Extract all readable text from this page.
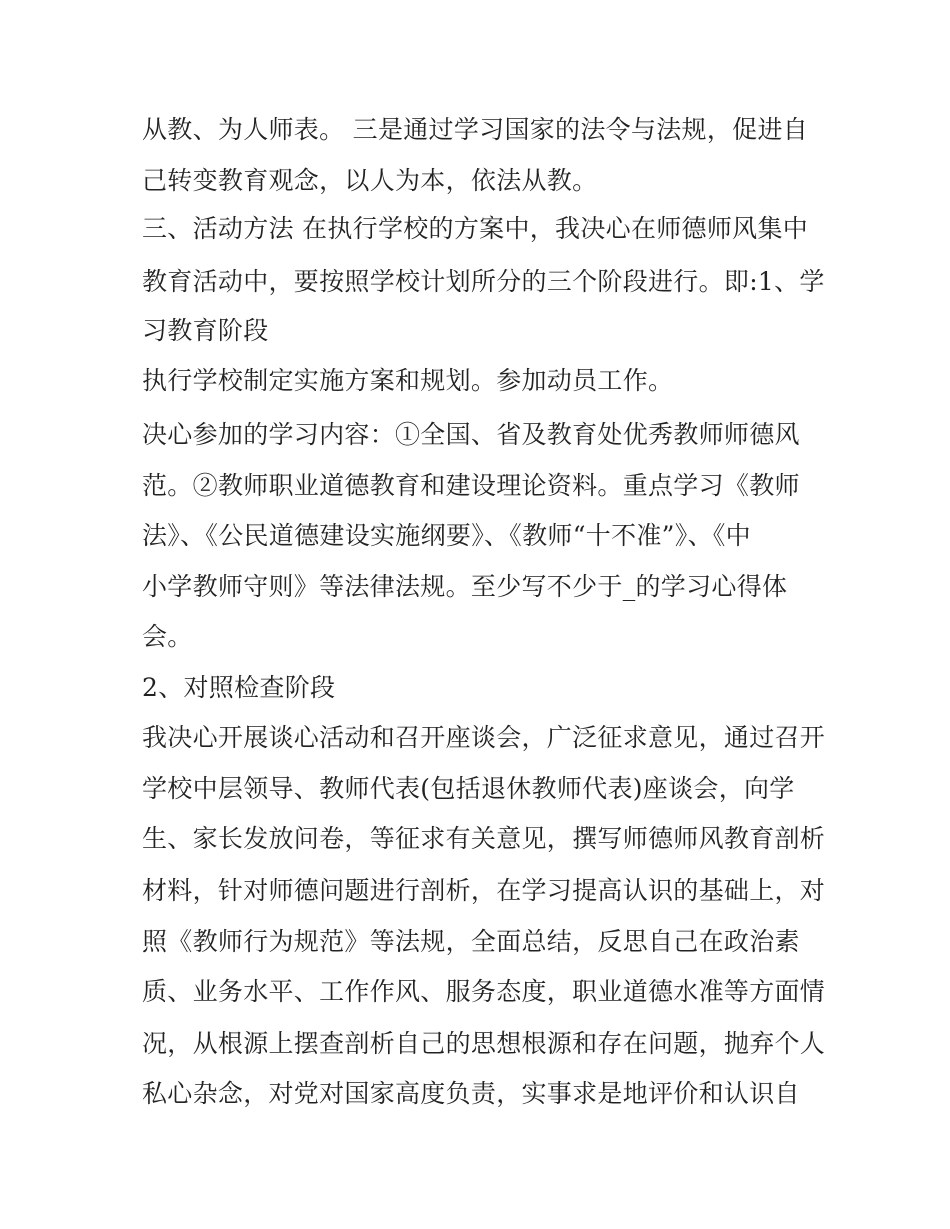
从教、为人师表。 三是通过学习国家的法令与法规，促进自
己转变教育观念，以人为本，依法从教。
三、活动方法 在执行学校的方案中，我决心在师德师风集中
教育活动中，要按照学校计划所分的三个阶段进行。即:1、学
习教育阶段
执行学校制定实施方案和规划。参加动员工作。
决心参加的学习内容：①全国、省及教育处优秀教师师德风
范。②教师职业道德教育和建设理论资料。重点学习《教师
法》、《公民道德建设实施纲要》、《教师“十不准”》、《中
小学教师守则》等法律法规。至少写不少于_的学习心得体
会。
2、对照检查阶段
我决心开展谈心活动和召开座谈会，广泛征求意见，通过召开
学校中层领导、教师代表(包括退休教师代表)座谈会，向学
生、家长发放问卷，等征求有关意见，撰写师德师风教育剖析
材料，针对师德问题进行剖析，在学习提高认识的基础上，对
照《教师行为规范》等法规，全面总结，反思自己在政治素
质、业务水平、工作作风、服务态度，职业道德水准等方面情
况，从根源上摆查剖析自己的思想根源和存在问题，抛弃个人
私心杂念，对党对国家高度负责，实事求是地评价和认识自
